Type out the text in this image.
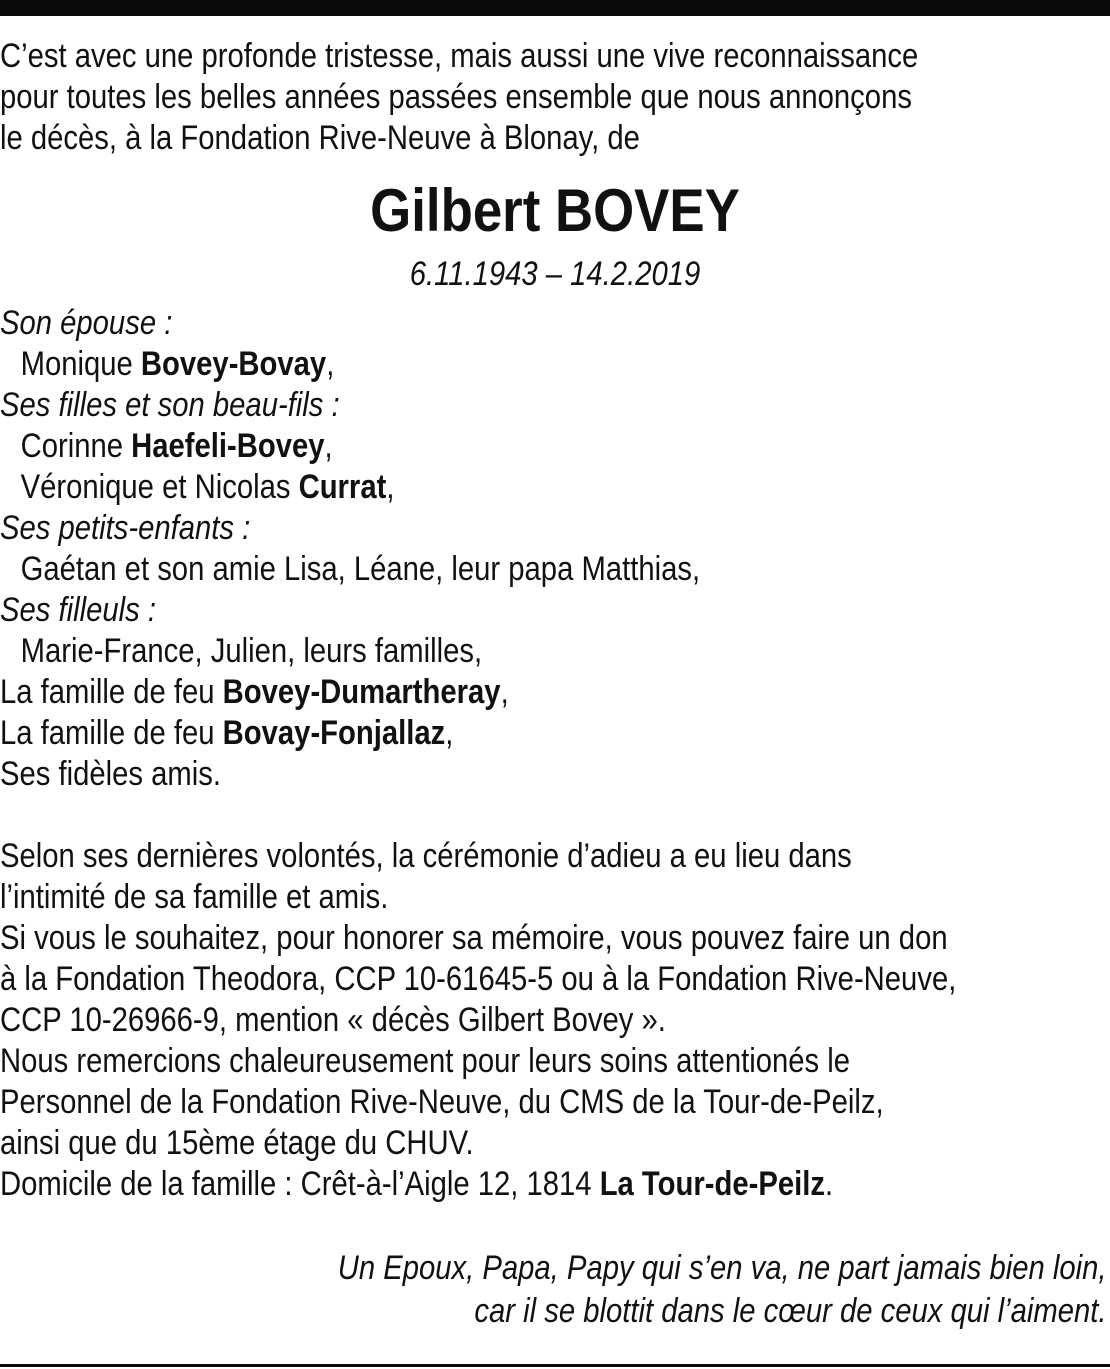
C’est avec une profonde tristesse, mais aussi une vive reconnaissance
pour toutes les belles années passées ensemble que nous annonçons
le décès, à la Fondation Rive-Neuve à Blonay, de
Gilbert BOVEY
6.11.1943 – 14.2.2019
Son épouse :
Monique Bovey-Bovay,
Ses filles et son beau-fils :
Corinne Haefeli-Bovey,
Véronique et Nicolas Currat,
Ses petits-enfants :
Gaétan et son amie Lisa, Léane, leur papa Matthias,
Ses filleuls :
Marie-France, Julien, leurs familles,
La famille de feu Bovey-Dumartheray,
La famille de feu Bovay-Fonjallaz,
Ses fidèles amis.
Selon ses dernières volontés, la cérémonie d’adieu a eu lieu dans
l’intimité de sa famille et amis.
Si vous le souhaitez, pour honorer sa mémoire, vous pouvez faire un don
à la Fondation Theodora, CCP 10-61645-5 ou à la Fondation Rive-Neuve,
CCP 10-26966-9, mention « décès Gilbert Bovey ».
Nous remercions chaleureusement pour leurs soins attentionés le
Personnel de la Fondation Rive-Neuve, du CMS de la Tour-de-Peilz,
ainsi que du 15ème étage du CHUV.
Domicile de la famille : Crêt-à-l’Aigle 12, 1814 La Tour-de-Peilz.
Un Epoux, Papa, Papy qui s’en va, ne part jamais bien loin,
car il se blottit dans le cœur de ceux qui l’aiment.
